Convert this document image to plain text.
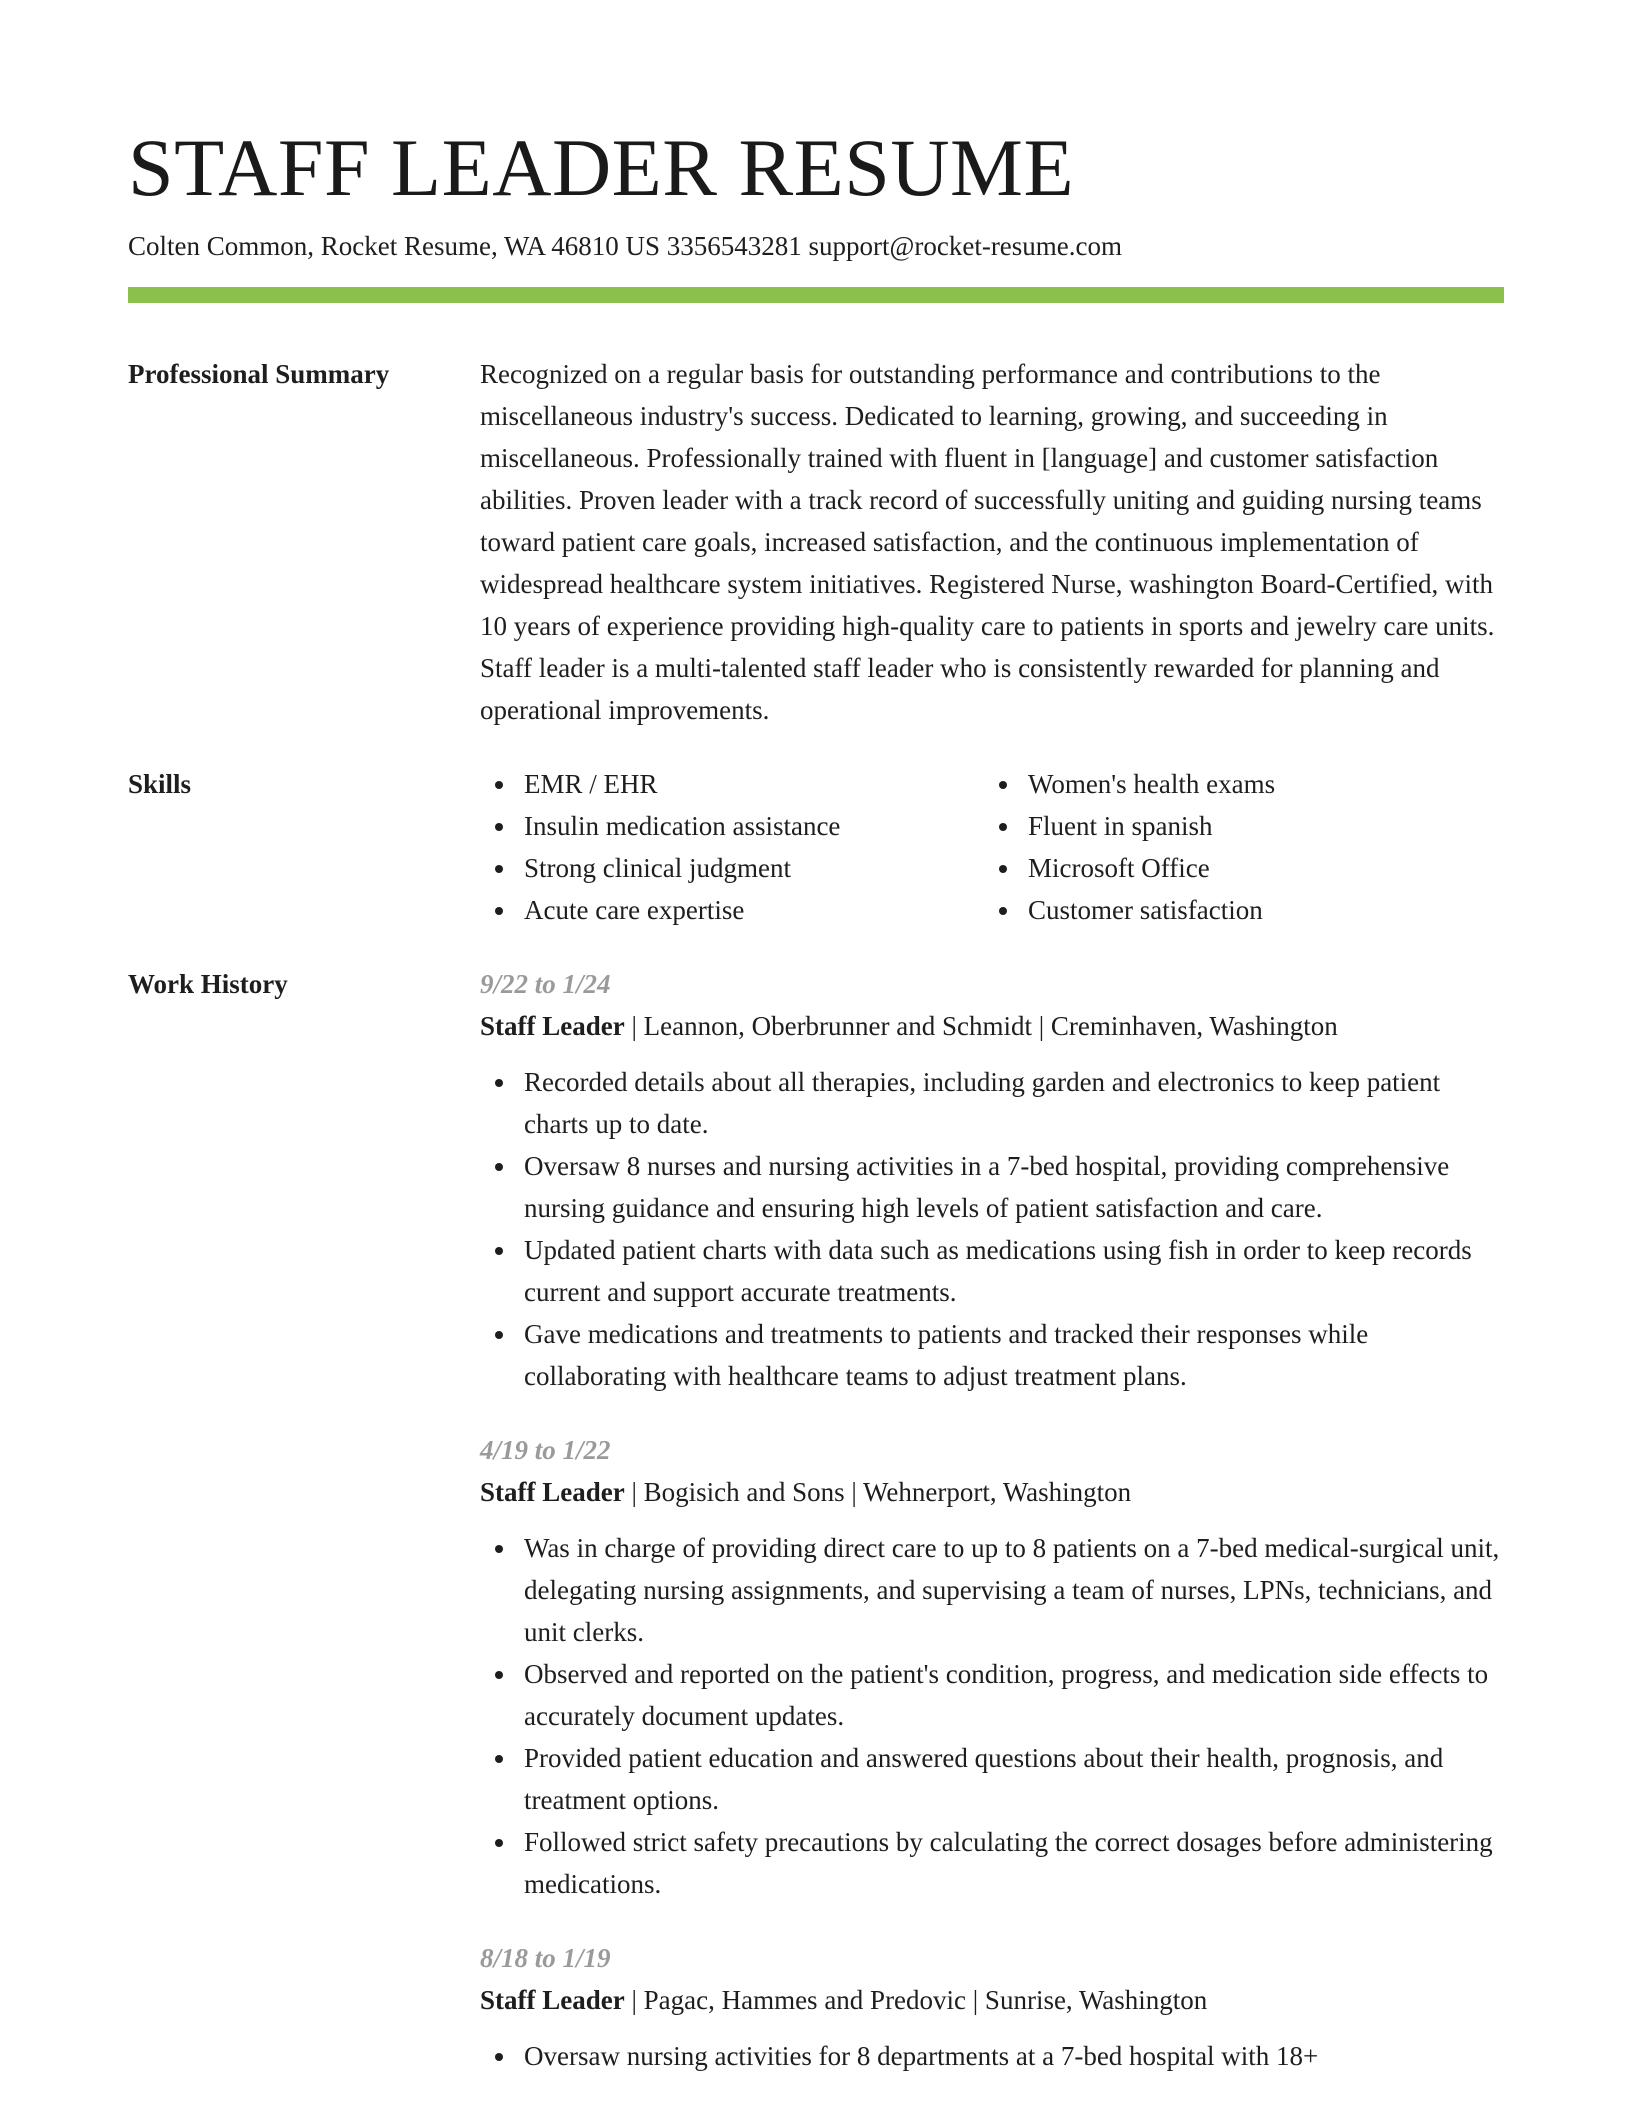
STAFF LEADER RESUME
Colten Common, Rocket Resume, WA 46810 US 3356543281 support@rocket-resume.com
Professional Summary	Recognized on a regular basis for outstanding performance and contributions to the miscellaneous industry's success. Dedicated to learning, growing, and succeeding in miscellaneous. Professionally trained with fluent in [language] and customer satisfaction abilities. Proven leader with a track record of successfully uniting and guiding nursing teams toward patient care goals, increased satisfaction, and the continuous implementation of widespread healthcare system initiatives. Registered Nurse, washington Board-Certified, with 10 years of experience providing high-quality care to patients in sports and jewelry care units. Staff leader is a multi-talented staff leader who is consistently rewarded for planning and operational improvements.

Skills	EMR / EHR
Insulin medication assistance
Strong clinical judgment
Acute care expertise
Women's health exams
Fluent in spanish
Microsoft Office
Customer satisfaction
Work History	9/22 to 1/24
Staff Leader | Leannon, Oberbrunner and Schmidt | Creminhaven, Washington
Recorded details about all therapies, including garden and electronics to keep patient charts up to date.
Oversaw 8 nurses and nursing activities in a 7-bed hospital, providing comprehensive nursing guidance and ensuring high levels of patient satisfaction and care.
Updated patient charts with data such as medications using fish in order to keep records current and support accurate treatments.
Gave medications and treatments to patients and tracked their responses while collaborating with healthcare teams to adjust treatment plans.
4/19 to 1/22
Staff Leader | Bogisich and Sons | Wehnerport, Washington
Was in charge of providing direct care to up to 8 patients on a 7-bed medical-surgical unit, delegating nursing assignments, and supervising a team of nurses, LPNs, technicians, and unit clerks.
Observed and reported on the patient's condition, progress, and medication side effects to accurately document updates.
Provided patient education and answered questions about their health, prognosis, and treatment options.
Followed strict safety precautions by calculating the correct dosages before administering medications.
8/18 to 1/19
Staff Leader | Pagac, Hammes and Predovic | Sunrise, Washington
Oversaw nursing activities for 8 departments at a 7-bed hospital with 18+
